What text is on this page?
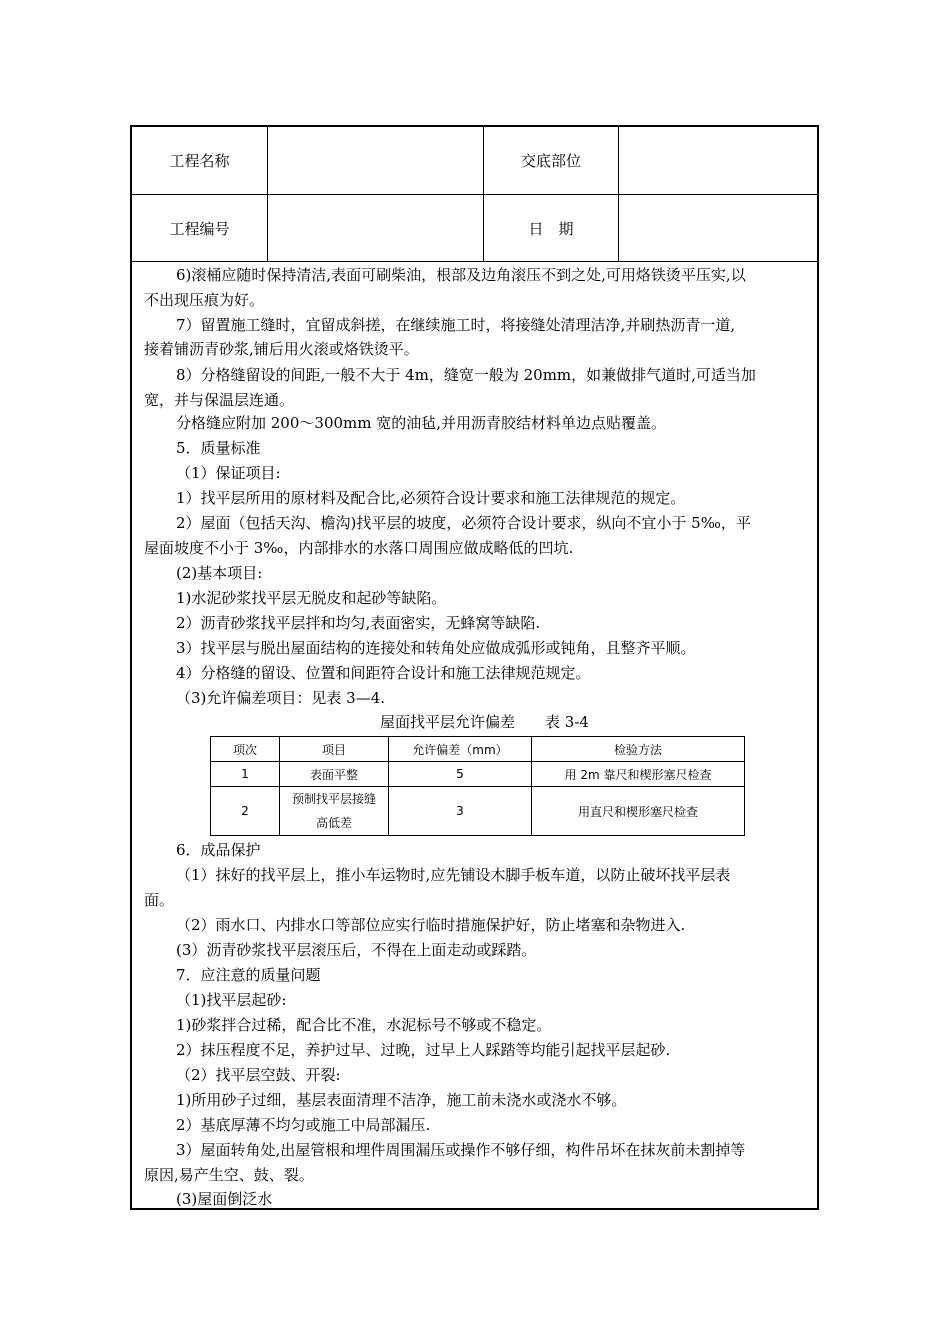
工程名称	交底部位
工程编号	日　期
6)滚桶应随时保持清洁,表面可刷柴油，根部及边角滚压不到之处,可用烙铁烫平压实,以
不出现压痕为好。
7）留置施工缝时，宜留成斜搓，在继续施工时，将接缝处清理洁净,并刷热沥青一道,
接着铺沥青砂浆,铺后用火滚或烙铁烫平。
8）分格缝留设的间距,一般不大于 4m，缝宽一般为 20mm，如兼做排气道时,可适当加
宽，并与保温层连通。
分格缝应附加 200～300mm 宽的油毡,并用沥青胶结材料单边点贴覆盖。
5．质量标准
（1）保证项目:
1）找平层所用的原材料及配合比,必须符合设计要求和施工法律规范的规定。
2）屋面（包括天沟、檐沟)找平层的坡度，必须符合设计要求，纵向不宜小于 5‰，平
屋面坡度不小于 3‰，内部排水的水落口周围应做成略低的凹坑.
(2)基本项目:
1)水泥砂浆找平层无脱皮和起砂等缺陷。
2）沥青砂浆找平层拌和均匀,表面密实，无蜂窝等缺陷.
3）找平层与脱出屋面结构的连接处和转角处应做成弧形或钝角，且整齐平顺。
4）分格缝的留设、位置和间距符合设计和施工法律规范规定。
（3)允许偏差项目：见表 3—4.
屋面找平层允许偏差　　表 3-4
项次	项目	允许偏差（mm）	检验方法
1	表面平整	5	用 2m 靠尺和楔形塞尺检查
2	预制找平层接缝高低差	3	用直尺和楔形塞尺检查
6．成品保护
（1）抹好的找平层上，推小车运物时,应先铺设木脚手板车道，以防止破坏找平层表
面。
（2）雨水口、内排水口等部位应实行临时措施保护好，防止堵塞和杂物进入.
(3）沥青砂浆找平层滚压后，不得在上面走动或踩踏。
7．应注意的质量问题
（1)找平层起砂:
1)砂浆拌合过稀，配合比不准，水泥标号不够或不稳定。
2）抹压程度不足，养护过早、过晚，过早上人踩踏等均能引起找平层起砂.
（2）找平层空鼓、开裂:
1)所用砂子过细，基层表面清理不洁净，施工前未浇水或浇水不够。
2）基底厚薄不均匀或施工中局部漏压.
3）屋面转角处,出屋管根和埋件周围漏压或操作不够仔细，构件吊坏在抹灰前未割掉等
原因,易产生空、鼓、裂。
(3)屋面倒泛水
